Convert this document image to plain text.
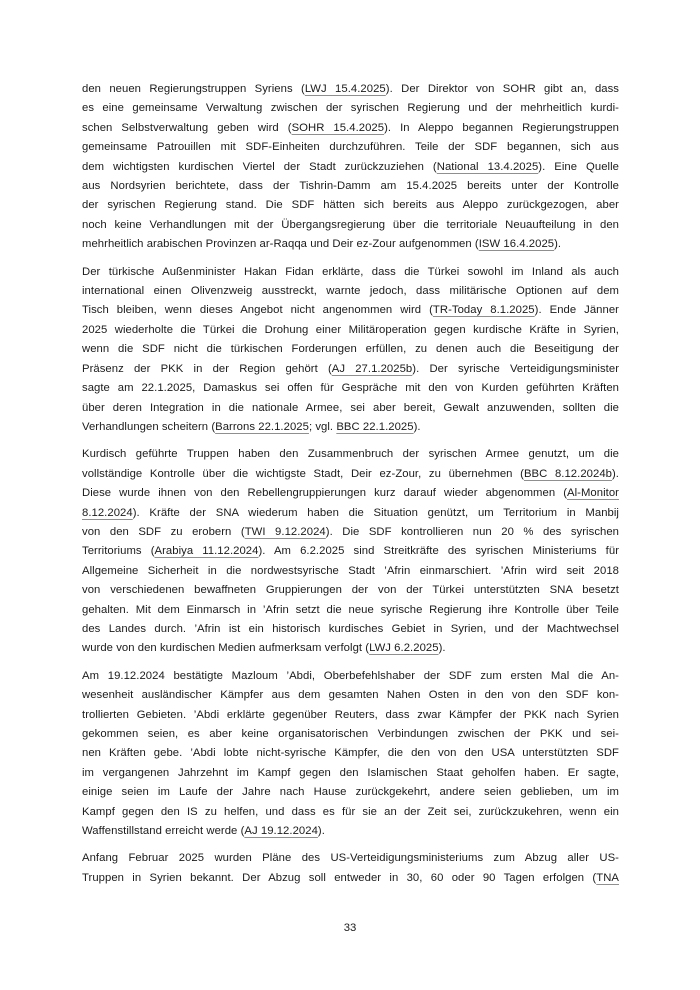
den neuen Regierungstruppen Syriens (LWJ 15.4.2025). Der Direktor von SOHR gibt an, dass
es eine gemeinsame Verwaltung zwischen der syrischen Regierung und der mehrheitlich kurdi-
schen Selbstverwaltung geben wird (SOHR 15.4.2025). In Aleppo begannen Regierungstruppen
gemeinsame Patrouillen mit SDF-Einheiten durchzuführen. Teile der SDF begannen, sich aus
dem wichtigsten kurdischen Viertel der Stadt zurückzuziehen (National 13.4.2025). Eine Quelle
aus Nordsyrien berichtete, dass der Tishrin-Damm am 15.4.2025 bereits unter der Kontrolle
der syrischen Regierung stand. Die SDF hätten sich bereits aus Aleppo zurückgezogen, aber
noch keine Verhandlungen mit der Übergangsregierung über die territoriale Neuaufteilung in den
mehrheitlich arabischen Provinzen ar-Raqqa und Deir ez-Zour aufgenommen (ISW 16.4.2025).
Der türkische Außenminister Hakan Fidan erklärte, dass die Türkei sowohl im Inland als auch
international einen Olivenzweig ausstreckt, warnte jedoch, dass militärische Optionen auf dem
Tisch bleiben, wenn dieses Angebot nicht angenommen wird (TR-Today 8.1.2025). Ende Jänner
2025 wiederholte die Türkei die Drohung einer Militäroperation gegen kurdische Kräfte in Syrien,
wenn die SDF nicht die türkischen Forderungen erfüllen, zu denen auch die Beseitigung der
Präsenz der PKK in der Region gehört (AJ 27.1.2025b). Der syrische Verteidigungsminister
sagte am 22.1.2025, Damaskus sei offen für Gespräche mit den von Kurden geführten Kräften
über deren Integration in die nationale Armee, sei aber bereit, Gewalt anzuwenden, sollten die
Verhandlungen scheitern (Barrons 22.1.2025; vgl. BBC 22.1.2025).
Kurdisch geführte Truppen haben den Zusammenbruch der syrischen Armee genutzt, um die
vollständige Kontrolle über die wichtigste Stadt, Deir ez-Zour, zu übernehmen (BBC 8.12.2024b).
Diese wurde ihnen von den Rebellengruppierungen kurz darauf wieder abgenommen (Al-Monitor
8.12.2024). Kräfte der SNA wiederum haben die Situation genützt, um Territorium in Manbij
von den SDF zu erobern (TWI 9.12.2024). Die SDF kontrollieren nun 20 % des syrischen
Territoriums (Arabiya 11.12.2024). Am 6.2.2025 sind Streitkräfte des syrischen Ministeriums für
Allgemeine Sicherheit in die nordwestsyrische Stadt ’Afrin einmarschiert. ’Afrin wird seit 2018
von verschiedenen bewaffneten Gruppierungen der von der Türkei unterstützten SNA besetzt
gehalten. Mit dem Einmarsch in ’Afrin setzt die neue syrische Regierung ihre Kontrolle über Teile
des Landes durch. ’Afrin ist ein historisch kurdisches Gebiet in Syrien, und der Machtwechsel
wurde von den kurdischen Medien aufmerksam verfolgt (LWJ 6.2.2025).
Am 19.12.2024 bestätigte Mazloum ’Abdi, Oberbefehlshaber der SDF zum ersten Mal die An-
wesenheit ausländischer Kämpfer aus dem gesamten Nahen Osten in den von den SDF kon-
trollierten Gebieten. ’Abdi erklärte gegenüber Reuters, dass zwar Kämpfer der PKK nach Syrien
gekommen seien, es aber keine organisatorischen Verbindungen zwischen der PKK und sei-
nen Kräften gebe. ’Abdi lobte nicht-syrische Kämpfer, die den von den USA unterstützten SDF
im vergangenen Jahrzehnt im Kampf gegen den Islamischen Staat geholfen haben. Er sagte,
einige seien im Laufe der Jahre nach Hause zurückgekehrt, andere seien geblieben, um im
Kampf gegen den IS zu helfen, und dass es für sie an der Zeit sei, zurückzukehren, wenn ein
Waffenstillstand erreicht werde (AJ 19.12.2024).
Anfang Februar 2025 wurden Pläne des US-Verteidigungsministeriums zum Abzug aller US-
Truppen in Syrien bekannt. Der Abzug soll entweder in 30, 60 oder 90 Tagen erfolgen (TNA
33
